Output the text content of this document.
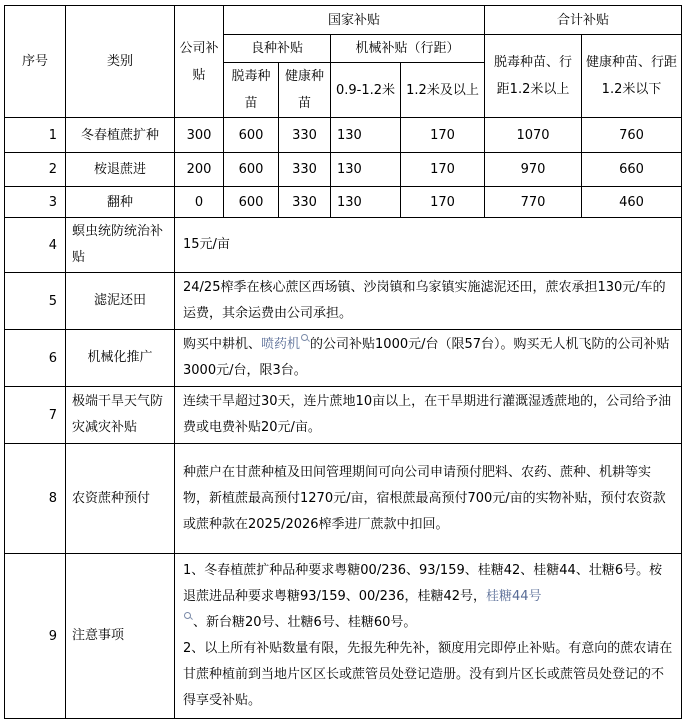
序号	类别	公司补贴	国家补贴				合计补贴	
			良种补贴		机械补贴（行距）		脱毒种苗、行距1.2米以上	健康种苗、行距1.2米以下
			脱毒种苗	健康种苗	0.9-1.2米	1.2米及以上		
1	冬春植蔗扩种	300	600	330	130	170	1070	760
2	桉退蔗进	200	600	330	130	170	970	660
3	翻种	0	600	330	130	170	770	460
4	螟虫统防统治补贴	15元/亩						
5	滤泥还田	24/25榨季在核心蔗区西场镇、沙岗镇和乌家镇实施滤泥还田，蔗农承担130元/车的运费，其余运费由公司承担。						
6	机械化推广	购买中耕机、喷药机 的公司补贴1000元/台（限57台）。购买无人机飞防的公司补贴3000元/台，限3台。						
7	极端干旱天气防灾减灾补贴	连续干旱超过30天，连片蔗地10亩以上，在干旱期进行灌溉湿透蔗地的，公司给予油费或电费补贴20元/亩。						
8	农资蔗种预付	种蔗户在甘蔗种植及田间管理期间可向公司申请预付肥料、农药、蔗种、机耕等实物，新植蔗最高预付1270元/亩，宿根蔗最高预付700元/亩的实物补贴，预付农资款或蔗种款在2025/2026榨季进厂蔗款中扣回。						
9	注意事项	1、冬春植蔗扩种品种要求粤糖00/236、93/159、桂糖42、桂糖44、壮糖6号。桉退蔗进品种要求粤糖93/159、00/236，桂糖42号，桂糖44号
、新台糖20号、壮糖6号、桂糖60号。

2、以上所有补贴数量有限，先报先种先补，额度用完即停止补贴。有意向的蔗农请在甘蔗种植前到当地片区区长或蔗管员处登记造册。没有到片区长或蔗管员处登记的不得享受补贴。						
